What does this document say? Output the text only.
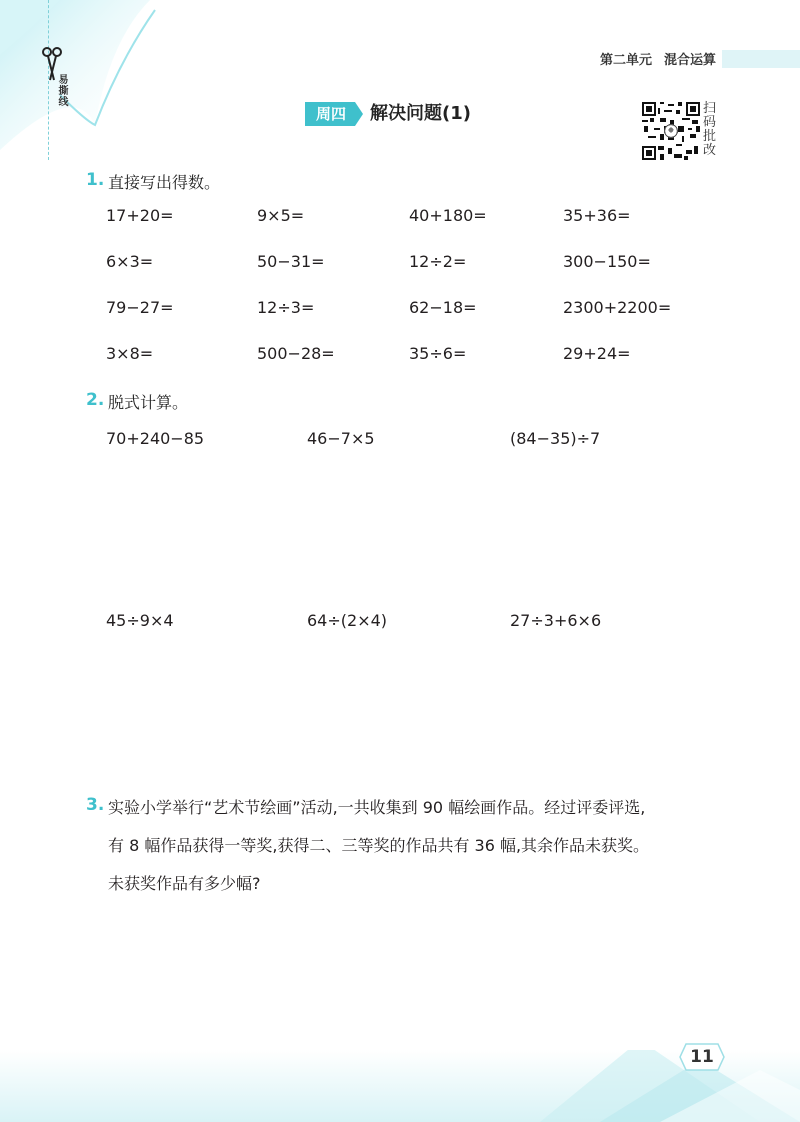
易撕线
第二单元 混合运算
周四	解决问题(1)	扫码批改
1. 直接写出得数。
17+20=	9×5=	40+180=	35+36=
6×3=	50−31=	12÷2=	300−150=
79−27=	12÷3=	62−18=	2300+2200=
3×8=	500−28=	35÷6=	29+24=
2. 脱式计算。
70+240−85	46−7×5	(84−35)÷7
45÷9×4	64÷(2×4)	27÷3+6×6
3. 实验小学举行“艺术节绘画”活动,一共收集到 90 幅绘画作品。经过评委评选,
有 8 幅作品获得一等奖,获得二、三等奖的作品共有 36 幅,其余作品未获奖。
未获奖作品有多少幅?
11
